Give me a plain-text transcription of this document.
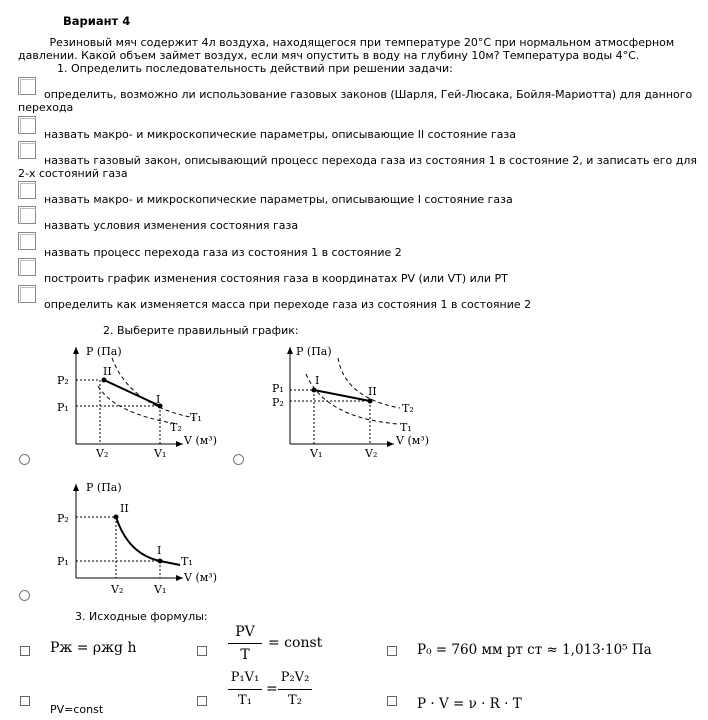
Вариант 4
Резиновый мяч содержит 4л воздуха, находящегося при температуре 20°C при нормальном атмосферном давлении. Какой объем займет воздух, если мяч опустить в воду на глубину 10м? Температура воды 4°C.
1. Определить последовательность действий при решении задачи:
определить, возможно ли использование газовых законов (Шарля, Гей-Люсака, Бойля-Мариотта) для данного перехода
назвать макро- и микроскопические параметры, описывающие II состояние газа
назвать газовый закон, описывающий процесс перехода газа из состояния 1 в состояние 2, и записать его для 2-х состояний газа
назвать макро- и микроскопические параметры, описывающие I состояние газа
назвать условия изменения состояния газа
назвать процесс перехода газа из состояния 1 в состояние 2
построить график изменения состояния газа в координатах PV (или VT) или PT
определить как изменяется масса при переходе газа из состояния 1 в состояние 2
2. Выберите правильный график:
P (Па)
V (м³)
P₂
P₁
V₂	V₁
II
I
T₁
T₂
P (Па)
V (м³)
P₁
P₂
V₁	V₂
I
II
T₂
T₁
P (Па)
V (м³)
P₂
P₁
V₂	V₁
II
I
T₁
3. Исходные формулы:
Pж = ρжg h
PV
T
= const	P₀ = 760 мм рт ст ≈ 1,013·10⁵ Па
PV=const
P₁V₁
T₁
=
P₂V₂
T₂	P · V = ν · R · T
